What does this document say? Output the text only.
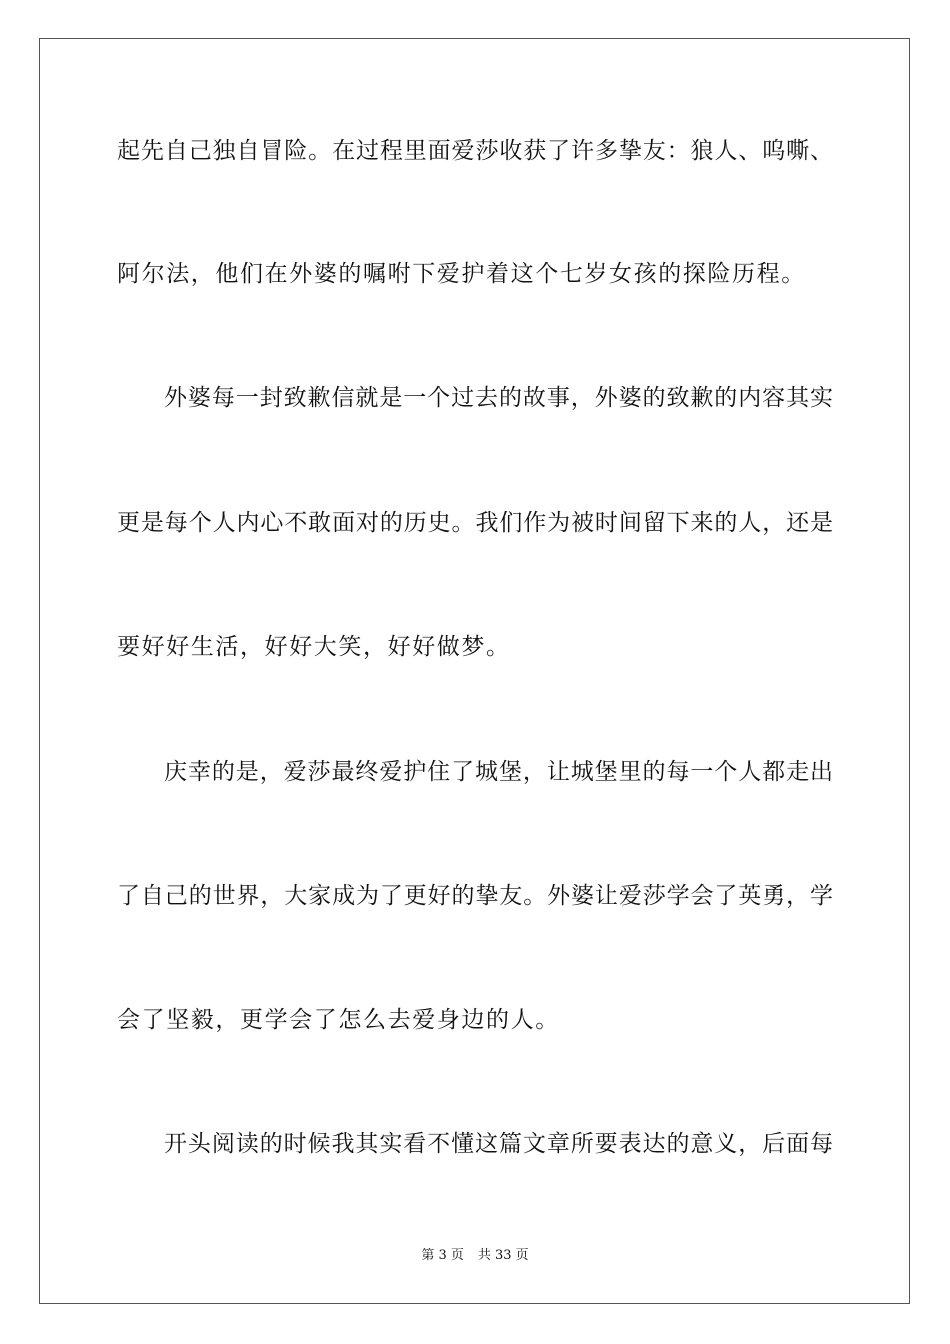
起先自己独自冒险。在过程里面爱莎收获了许多挚友：狼人、呜嘶、
阿尔法，他们在外婆的嘱咐下爱护着这个七岁女孩的探险历程。
外婆每一封致歉信就是一个过去的故事，外婆的致歉的内容其实
更是每个人内心不敢面对的历史。我们作为被时间留下来的人，还是
要好好生活，好好大笑，好好做梦。
庆幸的是，爱莎最终爱护住了城堡，让城堡里的每一个人都走出
了自己的世界，大家成为了更好的挚友。外婆让爱莎学会了英勇，学
会了坚毅，更学会了怎么去爱身边的人。
开头阅读的时候我其实看不懂这篇文章所要表达的意义，后面每
第 3 页 共 33 页
